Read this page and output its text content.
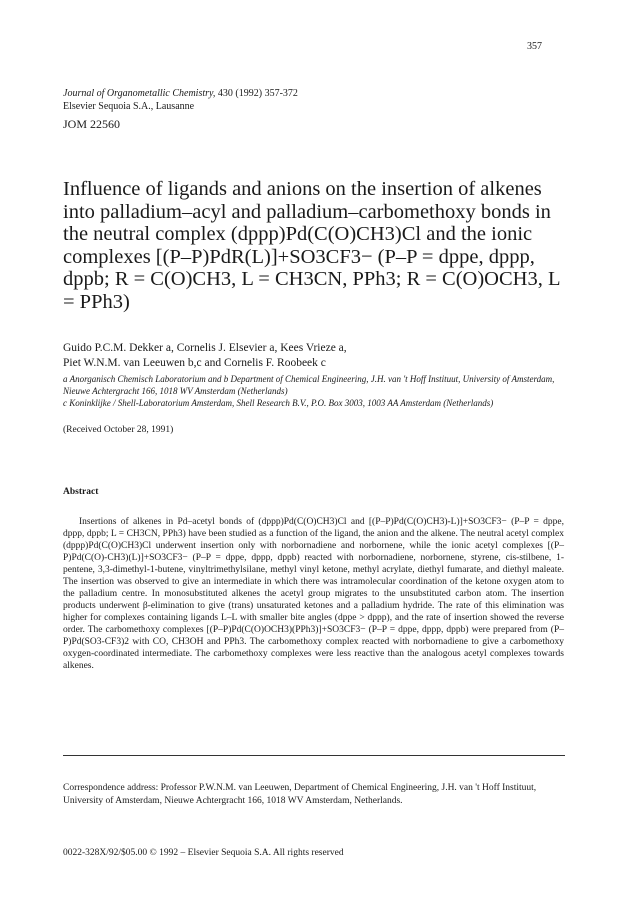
357
Journal of Organometallic Chemistry, 430 (1992) 357-372
Elsevier Sequoia S.A., Lausanne
JOM 22560
Influence of ligands and anions on the insertion of alkenes into palladium–acyl and palladium–carbomethoxy bonds in the neutral complex (dppp)Pd(C(O)CH3)Cl and the ionic complexes [(P–P)PdR(L)]+SO3CF3− (P–P = dppe, dppp, dppb; R = C(O)CH3, L = CH3CN, PPh3; R = C(O)OCH3, L = PPh3)
Guido P.C.M. Dekker a, Cornelis J. Elsevier a, Kees Vrieze a,
Piet W.N.M. van Leeuwen b,c and Cornelis F. Roobeek c
a Anorganisch Chemisch Laboratorium and b Department of Chemical Engineering, J.H. van 't Hoff Instituut, University of Amsterdam, Nieuwe Achtergracht 166, 1018 WV Amsterdam (Netherlands)
c Koninklijke / Shell-Laboratorium Amsterdam, Shell Research B.V., P.O. Box 3003, 1003 AA Amsterdam (Netherlands)
(Received October 28, 1991)
Abstract

Insertions of alkenes in Pd–acetyl bonds of (dppp)Pd(C(O)CH3)Cl and [(P–P)Pd(C(O)CH3)-L)]+SO3CF3− (P–P = dppe, dppp, dppb; L = CH3CN, PPh3) have been studied as a function of the ligand, the anion and the alkene. The neutral acetyl complex (dppp)Pd(C(O)CH3)Cl underwent insertion only with norbornadiene and norbornene, while the ionic acetyl complexes [(P–P)Pd(C(O)-CH3)(L)]+SO3CF3− (P–P = dppe, dppp, dppb) reacted with norbornadiene, norbornene, styrene, cis-stilbene, 1-pentene, 3,3-dimethyl-1-butene, vinyltrimethylsilane, methyl vinyl ketone, methyl acrylate, diethyl fumarate, and diethyl maleate. The insertion was observed to give an intermediate in which there was intramolecular coordination of the ketone oxygen atom to the palladium centre. In monosubstituted alkenes the acetyl group migrates to the unsubstituted carbon atom. The insertion products underwent β-elimination to give (trans) unsaturated ketones and a palladium hydride. The rate of this elimination was higher for complexes containing ligands L–L with smaller bite angles (dppe > dppp), and the rate of insertion showed the reverse order. The carbomethoxy complexes [(P–P)Pd(C(O)OCH3)(PPh3)]+SO3CF3− (P–P = dppe, dppp, dppb) were prepared from (P–P)Pd(SO3-CF3)2 with CO, CH3OH and PPh3. The carbomethoxy complex reacted with norbornadiene to give a carbomethoxy oxygen-coordinated intermediate. The carbomethoxy complexes were less reactive than the analogous acetyl complexes towards alkenes.

Correspondence address: Professor P.W.N.M. van Leeuwen, Department of Chemical Engineering, J.H. van 't Hoff Instituut, University of Amsterdam, Nieuwe Achtergracht 166, 1018 WV Amsterdam, Netherlands.

0022-328X/92/$05.00 © 1992 – Elsevier Sequoia S.A. All rights reserved
